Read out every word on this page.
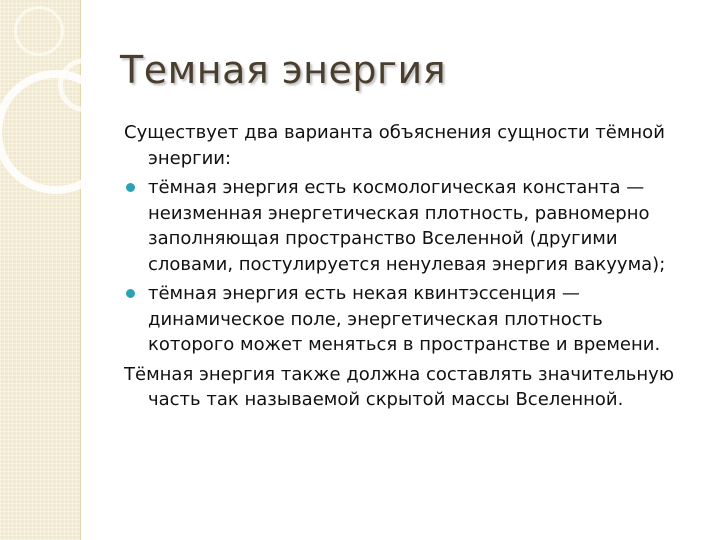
Темная энергия

Существует два варианта объяснения сущности тёмной энергии:

тёмная энергия есть космологическая константа — неизменная энергетическая плотность, равномерно заполняющая пространство Вселенной (другими словами, постулируется ненулевая энергия вакуума);
тёмная энергия есть некая квинтэссенция — динамическое поле, энергетическая плотность которого может меняться в пространстве и времени.

Тёмная энергия также должна составлять значительную часть так называемой скрытой массы Вселенной.
